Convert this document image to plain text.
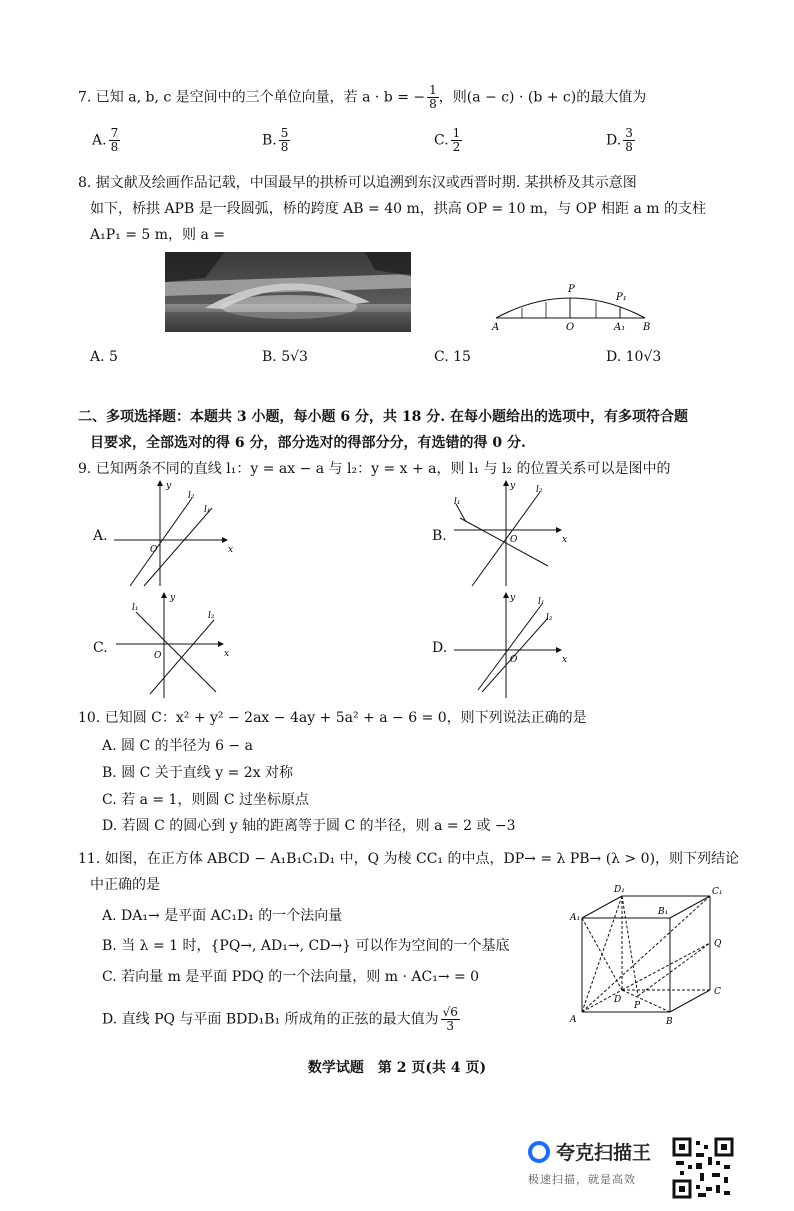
7. 已知 a, b, c 是空间中的三个单位向量，若 a · b = − $\frac{1}{8}$ ，则(a − c) · (b + c)的最大值为
A. $\frac{7}{8}$	B. $\frac{5}{8}$	C. $\frac{1}{2}$	D. $\frac{3}{8}$
8. 据文献及绘画作品记载，中国最早的拱桥可以追溯到东汉或西晋时期. 某拱桥及其示意图
如下，桥拱 APB 是一段圆弧，桥的跨度 AB = 40 m，拱高 OP = 10 m，与 OP 相距 a m 的支柱
A₁P₁ = 5 m，则 a =
A	O	A₁ B
P
P₁
A. 5	B. 5√3	C. 15	D. 10√3
二、多项选择题：本题共 3 小题，每小题 6 分，共 18 分. 在每小题给出的选项中，有多项符合题
目要求，全部选对的得 6 分，部分选对的得部分分，有选错的得 0 分.
9. 已知两条不同的直线 l₁：y = ax − a 与 l₂：y = x + a，则 l₁ 与 l₂ 的位置关系可以是图中的
A.
x
y
O
l₂
l₁
B.	x
y
O
l₂
l₁
C.	x
y
O
l₁
l₂
D.
x
y
O
l₁
l₂
10. 已知圆 C：x² + y² − 2ax − 4ay + 5a² + a − 6 = 0，则下列说法正确的是
A. 圆 C 的半径为 6 − a
B. 圆 C 关于直线 y = 2x 对称
C. 若 a = 1，则圆 C 过坐标原点
D. 若圆 C 的圆心到 y 轴的距离等于圆 C 的半径，则 a = 2 或 −3
11. 如图，在正方体 ABCD − A₁B₁C₁D₁ 中，Q 为棱 CC₁ 的中点，DP→ = λ PB→ (λ > 0)，则下列结论
中正确的是
A. DA₁→ 是平面 AC₁D₁ 的一个法向量
B. 当 λ = 1 时，{PQ→, AD₁→, CD→} 可以作为空间的一个基底
C. 若向量 m 是平面 PDQ 的一个法向量，则 m · AC₁→ = 0
D. 直线 PQ 与平面 BDD₁B₁ 所成角的正弦的最大值为 $\frac{√6}{3}$
A₁
D₁	C₁
B₁
Q
D
P
C
A	B
数学试题　第 2 页(共 4 页)
夸克扫描王
极速扫描，就是高效
